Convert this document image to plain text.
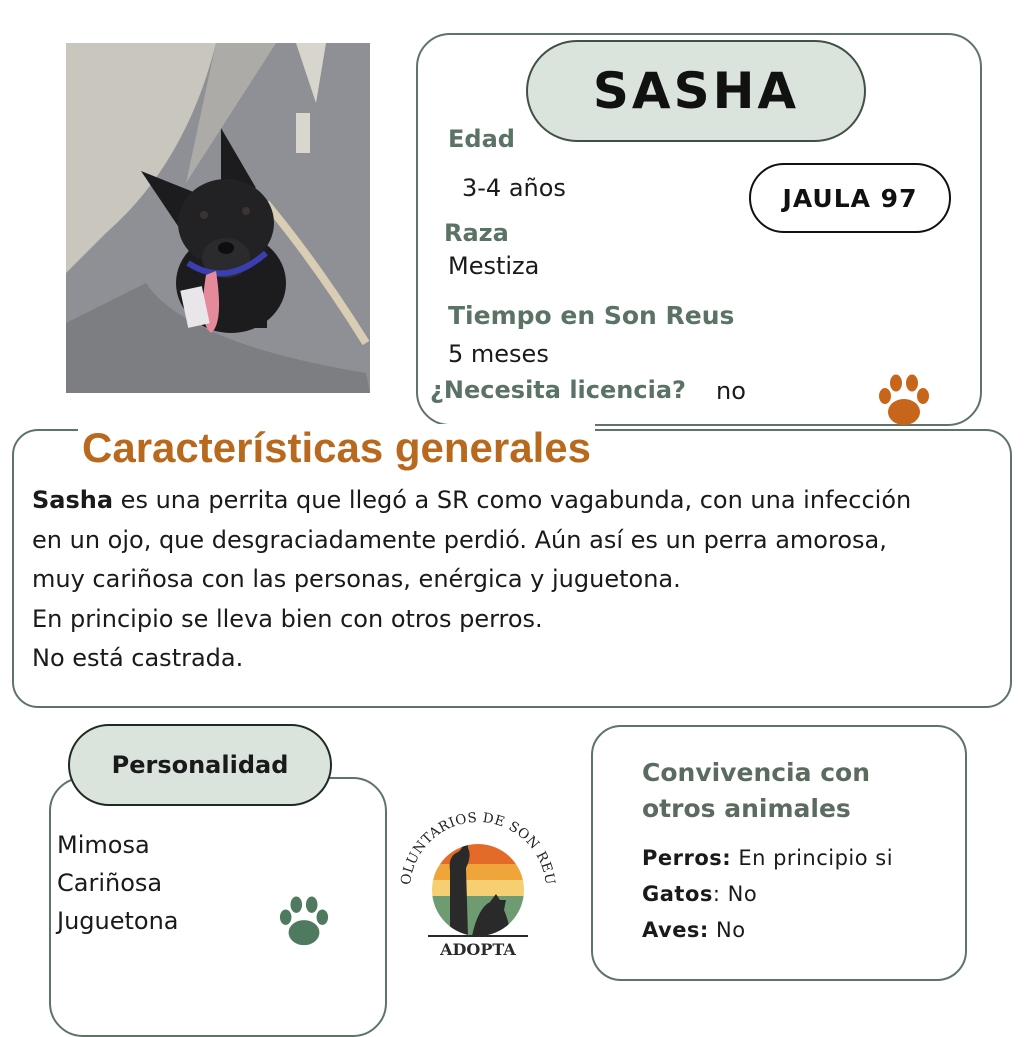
SASHA
Edad
3-4 años
Raza
Mestiza
Tiempo en Son Reus
5 meses
¿Necesita licencia? no
JAULA 97
Características generales
Sasha es una perrita que llegó a SR como vagabunda, con una infección
en un ojo, que desgraciadamente perdió. Aún así es un perra amorosa,
muy cariñosa con las personas, enérgica y juguetona.
En principio se lleva bien con otros perros.
No está castrada.
Personalidad
Mimosa
Cariñosa
Juguetona
OLUNTARIOS DE SON REU
ADOPTA
Convivencia con otros animales
Perros: En principio si
Gatos: No
Aves: No
